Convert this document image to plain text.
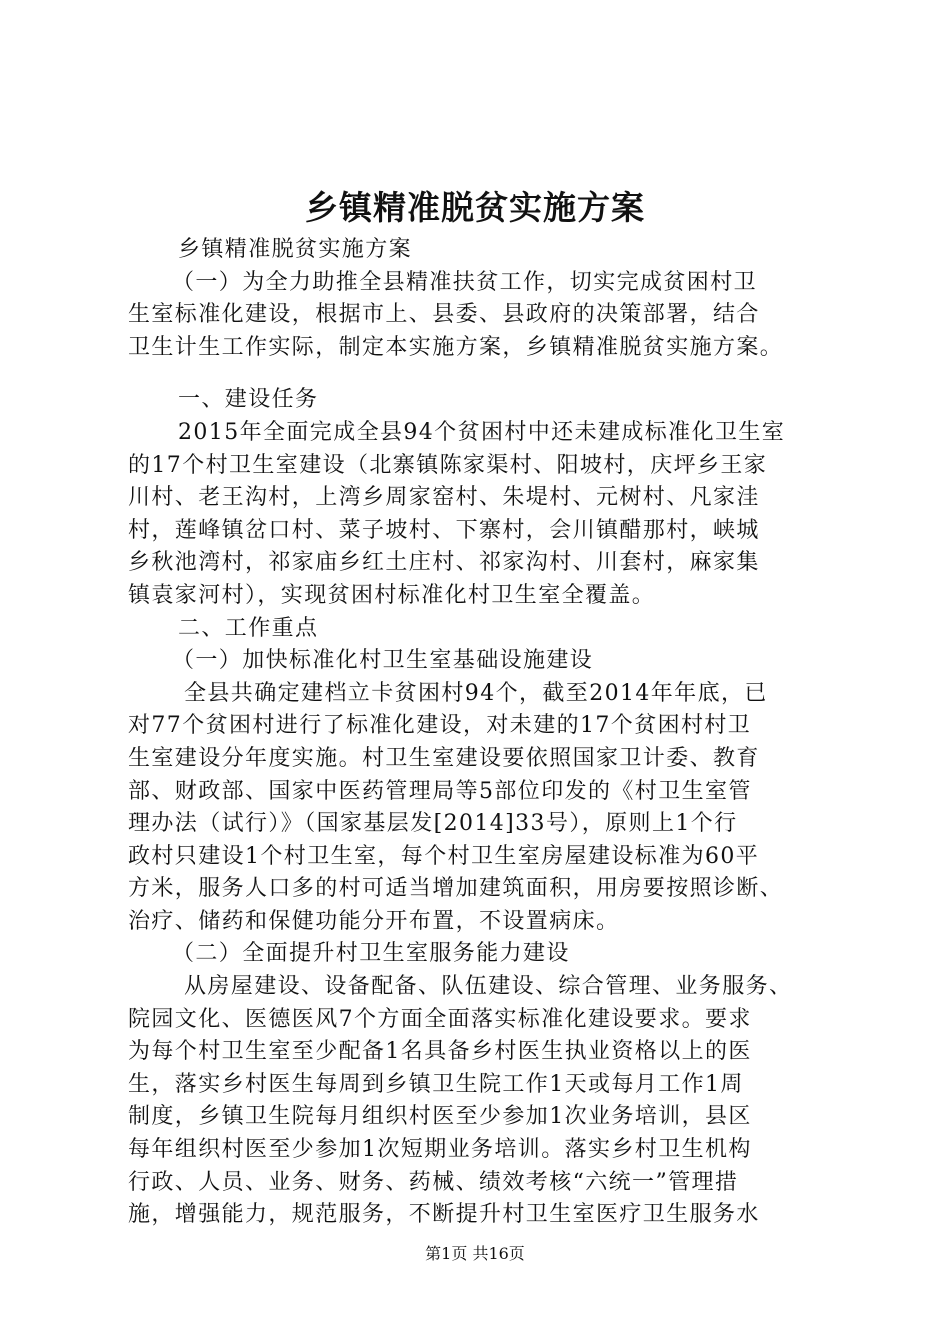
乡镇精准脱贫实施方案
乡镇精准脱贫实施方案
（一）为全力助推全县精准扶贫工作，切实完成贫困村卫
生室标准化建设，根据市上、县委、县政府的决策部署，结合
卫生计生工作实际，制定本实施方案，乡镇精准脱贫实施方案。
一、建设任务
2015年全面完成全县94个贫困村中还未建成标准化卫生室
的17个村卫生室建设（北寨镇陈家渠村、阳坡村，庆坪乡王家
川村、老王沟村，上湾乡周家窑村、朱堤村、元树村、凡家洼
村，莲峰镇岔口村、菜子坡村、下寨村，会川镇醋那村，峡城
乡秋池湾村，祁家庙乡红土庄村、祁家沟村、川套村，麻家集
镇袁家河村），实现贫困村标准化村卫生室全覆盖。
二、工作重点
（一）加快标准化村卫生室基础设施建设
全县共确定建档立卡贫困村94个，截至2014年年底，已
对77个贫困村进行了标准化建设，对未建的17个贫困村村卫
生室建设分年度实施。村卫生室建设要依照国家卫计委、教育
部、财政部、国家中医药管理局等5部位印发的《村卫生室管
理办法（试行）》（国家基层发[2014]33号），原则上1个行
政村只建设1个村卫生室，每个村卫生室房屋建设标准为60平
方米，服务人口多的村可适当增加建筑面积，用房要按照诊断、
治疗、储药和保健功能分开布置，不设置病床。
（二）全面提升村卫生室服务能力建设
从房屋建设、设备配备、队伍建设、综合管理、业务服务、
院园文化、医德医风7个方面全面落实标准化建设要求。要求
为每个村卫生室至少配备1名具备乡村医生执业资格以上的医
生，落实乡村医生每周到乡镇卫生院工作1天或每月工作1周
制度，乡镇卫生院每月组织村医至少参加1次业务培训，县区
每年组织村医至少参加1次短期业务培训。落实乡村卫生机构
行政、人员、业务、财务、药械、绩效考核“六统一”管理措
施，增强能力，规范服务，不断提升村卫生室医疗卫生服务水
第1页 共16页
